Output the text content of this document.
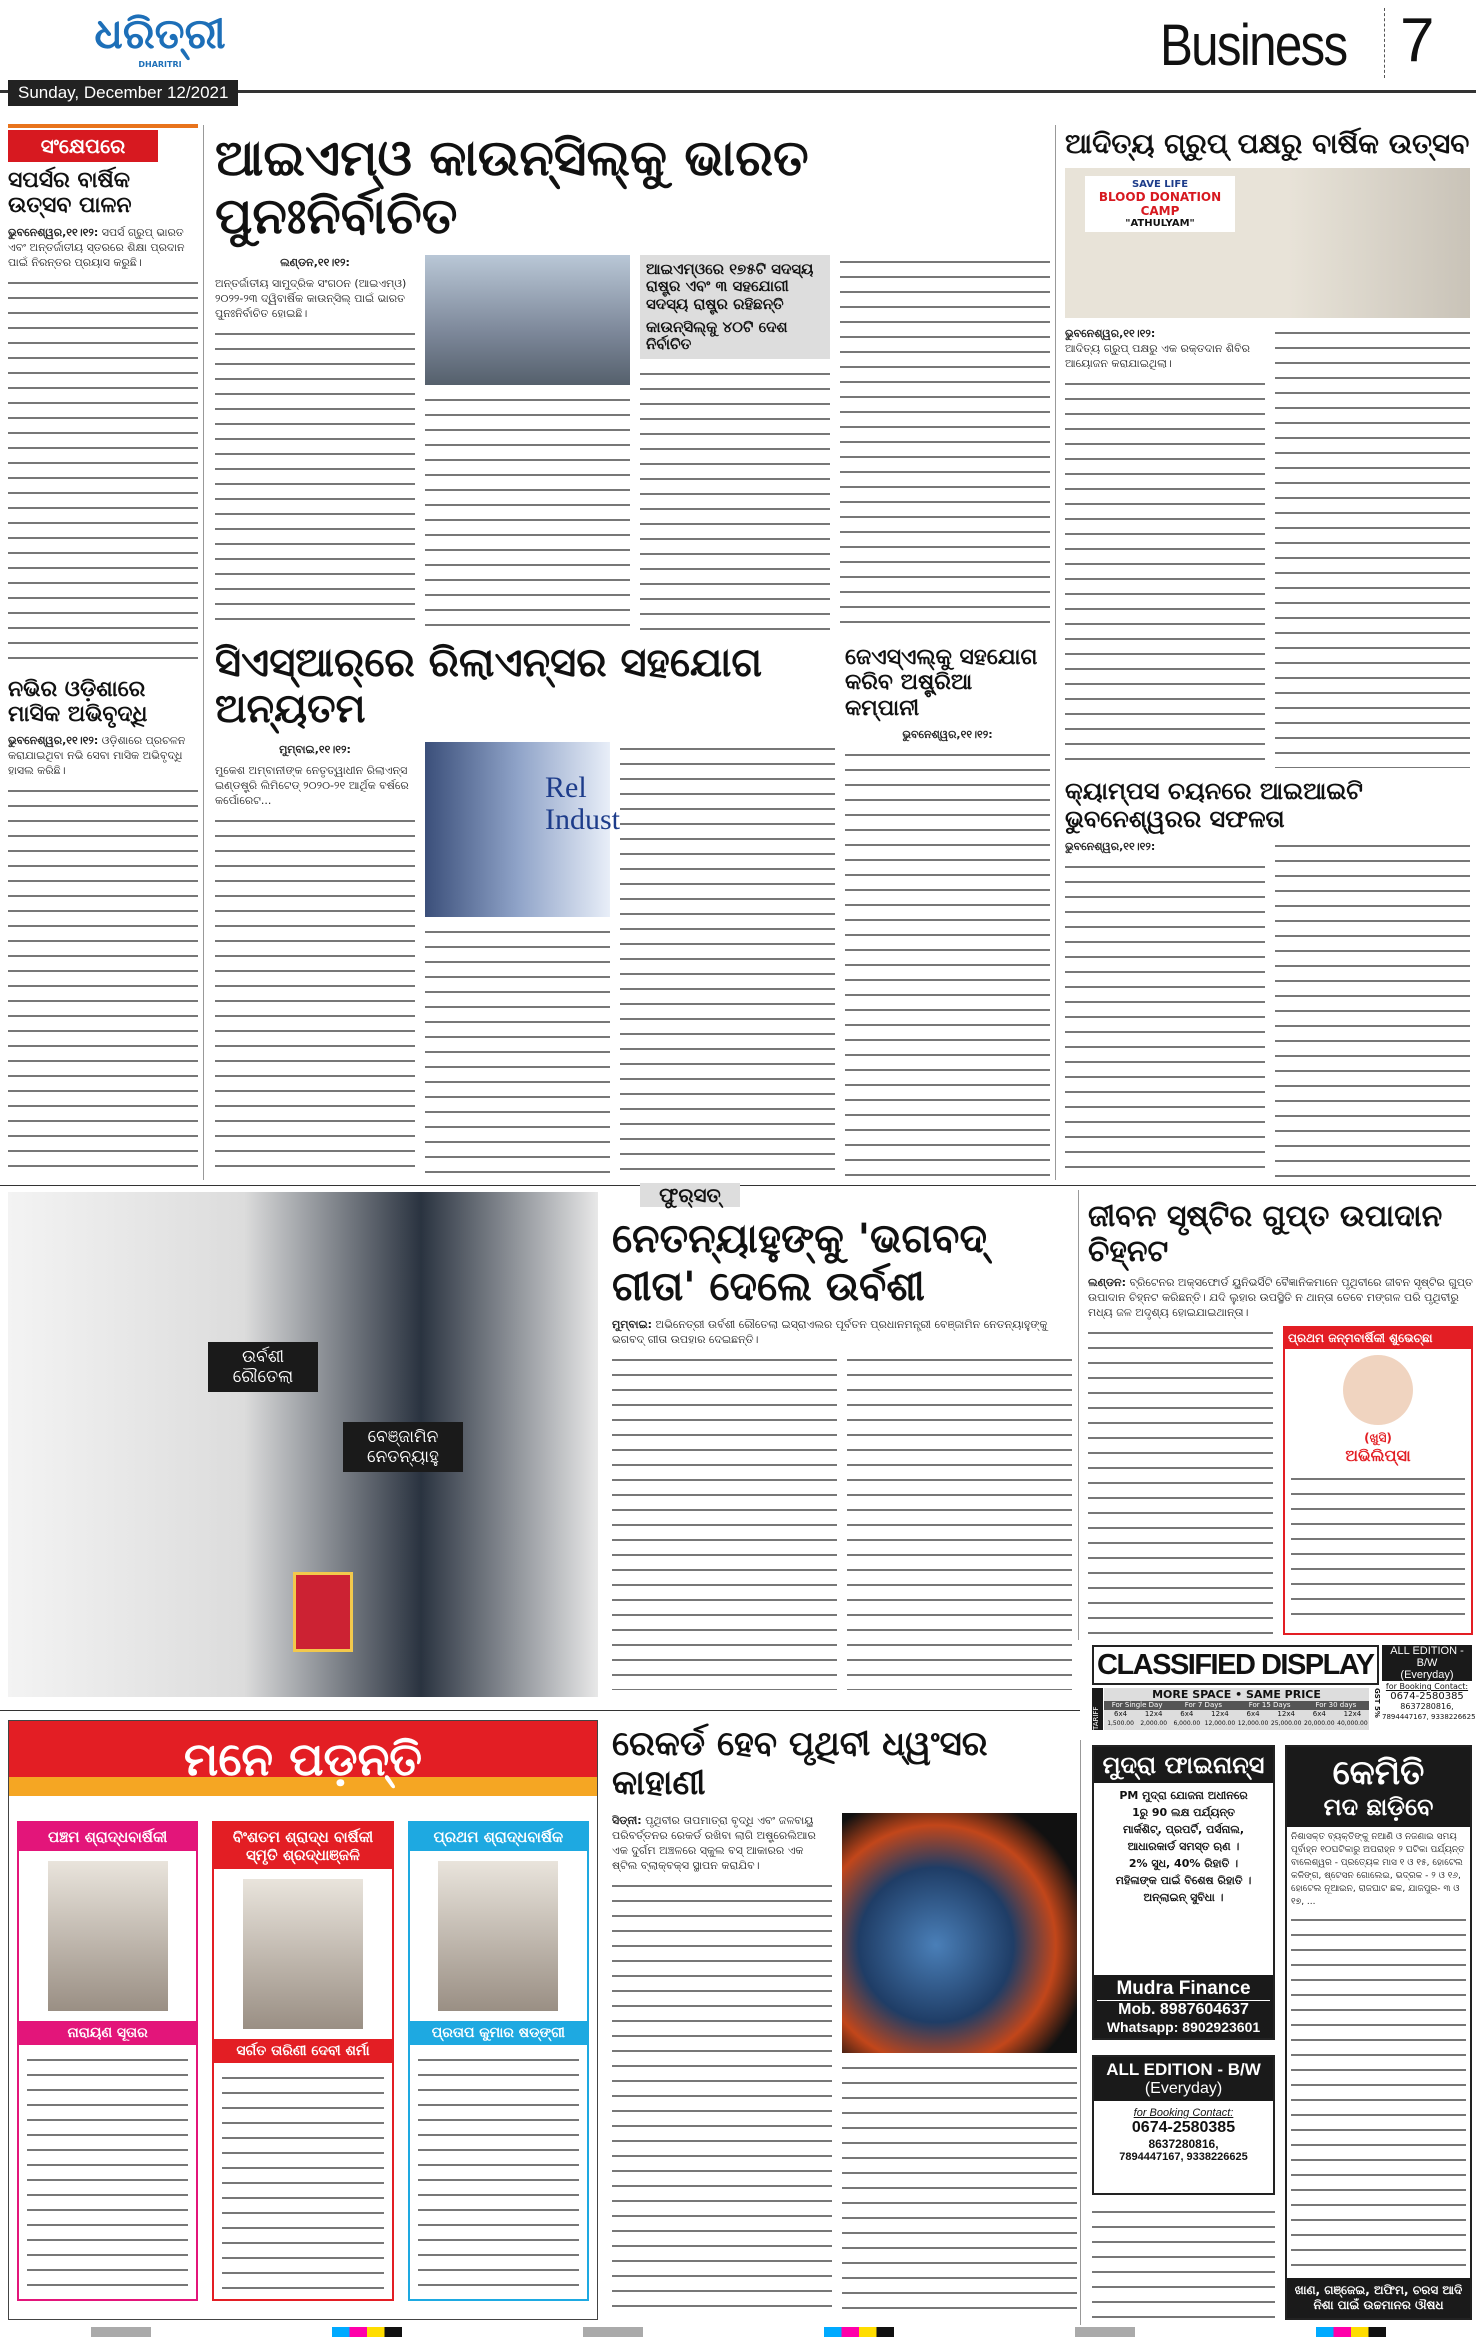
ଧରିତ୍ରୀ
DHARITRI	Business 7
Sunday, December 12/2021
ସଂକ୍ଷେପରେ
ସପର୍ସର ବାର୍ଷିକ ଉତ୍ସବ ପାଳନ
ଭୁବନେଶ୍ୱର,୧୧।୧୨: ସପର୍ସ ଗ୍ରୁପ୍ ଭାରତ ଏବଂ ଅନ୍ତର୍ଜାତୀୟ ସ୍ତରରେ ଶିକ୍ଷା ପ୍ରଦାନ ପାଇଁ ନିରନ୍ତର ପ୍ରୟାସ କରୁଛି।
ନଭିର ଓଡ଼ିଶାରେ ମାସିକ ଅଭିବୃଦ୍ଧି
ଭୁବନେଶ୍ୱର,୧୧।୧୨: ଓଡ଼ିଶାରେ ପ୍ରଚଳନ କରାଯାଇଥିବା ନଭି ସେବା ମାସିକ ଅଭିବୃଦ୍ଧି ହାସଲ କରିଛି।
ଆଇଏମ୍‌ଓ କାଉନ୍‌ସିଲ୍‌କୁ ଭାରତ ପୁନଃନିର୍ବାଚିତ
ଲଣ୍ଡନ,୧୧।୧୨:
ଅନ୍ତର୍ଜାତୀୟ ସାମୁଦ୍ରିକ ସଂଗଠନ (ଆଇଏମ୍‌ଓ) ୨୦୨୨-୨୩ ଦ୍ୱିବାର୍ଷିକ କାଉନ୍‌ସିଲ୍ ପାଇଁ ଭାରତ ପୁନଃନିର୍ବାଚିତ ହୋଇଛି।
ଆଇଏମ୍‌ଓରେ ୧୭୫ଟି ସଦସ୍ୟ ରାଷ୍ଟ୍ର ଏବଂ ୩ ସହଯୋଗୀ ସଦସ୍ୟ ରାଷ୍ଟ୍ର ରହିଛନ୍ତି
କାଉନ୍‌ସିଲ୍‌କୁ ୪୦ଟି ଦେଶ ନିର୍ବାଚିତ
ଆଦିତ୍ୟ ଗ୍ରୁପ୍ ପକ୍ଷରୁ ବାର୍ଷିକ ଉତ୍ସବ
SAVE LIFE
BLOOD DONATION CAMP
"ATHULYAM"
ଭୁବନେଶ୍ୱର,୧୧।୧୨:
ଆଦିତ୍ୟ ଗ୍ରୁପ୍ ପକ୍ଷରୁ ଏକ ରକ୍ତଦାନ ଶିବିର ଆୟୋଜନ କରାଯାଇଥିଲା।
କ୍ୟାମ୍ପସ ଚୟନରେ ଆଇଆଇଟି ଭୁବନେଶ୍ୱରର ସଫଳତା
ଭୁବନେଶ୍ୱର,୧୧।୧୨:
ସିଏସ୍ଆର୍‌ରେ ରିଲାଏନ୍ସର ସହଯୋଗ ଅନ୍ୟତମ
ମୁମ୍ବାଇ,୧୧।୧୨:
ମୁକେଶ ଅମ୍ବାନୀଙ୍କ ନେତୃତ୍ୱାଧୀନ ରିଲାଏନ୍ସ ଇଣ୍ଡଷ୍ଟ୍ରି ଲିମିଟେଡ୍ ୨୦୨୦-୨୧ ଆର୍ଥିକ ବର୍ଷରେ କର୍ପୋରେଟ...	Rel Indust
ଜେଏସ୍‌ଏଲ୍‌କୁ ସହଯୋଗ କରିବ ଅଷ୍ଟ୍ରିଆ କମ୍ପାନୀ
ଭୁବନେଶ୍ୱର,୧୧।୧୨:
ଉର୍ବଶୀ ରୌତେଲା
ବେଞ୍ଜାମିନ ନେତନ୍ୟାହୁ
ଫୁର୍‌ସତ୍
ନେତନ୍ୟାହୁଙ୍କୁ 'ଭଗବଦ୍ ଗୀତା' ଦେଲେ ଉର୍ବଶୀ
ମୁମ୍ବାଇ: ଅଭିନେତ୍ରୀ ଉର୍ବଶୀ ରୌତେଲା ଇସ୍ରାଏଲର ପୂର୍ବତନ ପ୍ରଧାନମନ୍ତ୍ରୀ ବେଞ୍ଜାମିନ ନେତନ୍ୟାହୁଙ୍କୁ ଭଗବଦ୍ ଗୀତା ଉପହାର ଦେଇଛନ୍ତି।
ଜୀବନ ସୃଷ୍ଟିର ଗୁପ୍ତ ଉପାଦାନ ଚିହ୍ନଟ
ଲଣ୍ଡନ: ବ୍ରିଟେନର ଅକ୍ସଫୋର୍ଡ ୟୁନିଭର୍ସିଟି ବୈଜ୍ଞାନିକମାନେ ପୃଥିବୀରେ ଜୀବନ ସୃଷ୍ଟିର ଗୁପ୍ତ ଉପାଦାନ ଚିହ୍ନଟ କରିଛନ୍ତି। ଯଦି ଲୁହାର ଉପସ୍ଥିତି ନ ଥାନ୍ତା ତେବେ ମଙ୍ଗଳ ପରି ପୃଥିବୀରୁ ମଧ୍ୟ ଜଳ ଅଦୃଶ୍ୟ ହୋଇଯାଇଥାନ୍ତା।
ପ୍ରଥମ ଜନ୍ମବାର୍ଷିକୀ ଶୁଭେଚ୍ଛା
(ଖୁସି)
ଅଭିଲିପ୍ସା
CLASSIFIED DISPLAY	ALL EDITION - B/W
(Everyday)
for Booking Contact:
0674-2580385
8637280816,
7894447167, 9338226625
TARIFF
MORE SPACE • SAME PRICE
For Single Day	For 7 Days	For 15 Days	For 30 days
6x4	12x4	6x4	12x4	6x4	12x4	6x4	12x4
1,500.00	2,000.00	6,000.00 12,000.00 12,000.00 25,000.00 20,000.00 40,000.00
GST 5%
ମନେ ପଡ଼ନ୍ତି
ପଞ୍ଚମ ଶ୍ରାଦ୍ଧବାର୍ଷିକୀ
ନାରାୟଣ ସୂତାର
ବିଂଶତମ ଶ୍ରାଦ୍ଧ ବାର୍ଷିକୀ ସ୍ମୃତି ଶ୍ରଦ୍ଧାଞ୍ଜଳି
ସର୍ଗତ ତାରିଣୀ ଦେବୀ ଶର୍ମା
ପ୍ରଥମ ଶ୍ରାଦ୍ଧବାର୍ଷିକ
ପ୍ରତାପ କୁମାର ଷଡ୍‌ଙ୍ଗୀ
ରେକର୍ଡ ହେବ ପୃଥିବୀ ଧ୍ୱଂସର କାହାଣୀ
ସିଡ୍‌ନୀ: ପୃଥିବୀର ତାପମାତ୍ରା ବୃଦ୍ଧି ଏବଂ ଜଳବାୟୁ ପରିବର୍ତ୍ତନର ରେକର୍ଡ ରଖିବା ଲାଗି ଅଷ୍ଟ୍ରେଲିଆର ଏକ ଦୁର୍ଗମ ଅଞ୍ଚଳରେ ସ୍କୁଲ ବସ୍ ଆକାରର ଏକ ଷ୍ଟିଲ ବ୍ଲାକ୍‌ବକ୍ସ ସ୍ଥାପନ କରାଯିବ।
ମୁଦ୍ରା ଫାଇନାନ୍ସ
PM ମୁଦ୍ରା ଯୋଜନା ଅଧୀନରେ
1ରୁ 90 ଲକ୍ଷ ପର୍ଯ୍ୟନ୍ତ
ମାର୍କଶିଟ୍, ପ୍ରପର୍ଟି, ପର୍ସନାଲ,
ଆଧାରକାର୍ଡ ସମସ୍ତ ଋଣ ।
2% ସୁଧ, 40% ରିହାତି ।
ମହିଳାଙ୍କ ପାଇଁ ବିଶେଷ ରିହାତି ।
ଅନ୍‌ଲାଇନ୍ ସୁବିଧା ।
Mudra Finance
Mob. 8987604637
Whatsapp: 8902923601
ALL EDITION - B/W
(Everyday)
for Booking Contact:
0674-2580385
8637280816,
7894447167, 9338226625
କେମିତି
ମଦ ଛାଡ଼ିବେ
ନିଶାସକ୍ତ ବ୍ୟକ୍ତିଙ୍କୁ ନଆଣି ଓ ନଜଣାଇ ସମୟ ପୂର୍ବାହ୍ନ ୧୦ଘଟିକାରୁ ଅପରାହ୍ନ ୨ ଘଟିକା ପର୍ଯ୍ୟନ୍ତ ବାଲେଶ୍ୱର - ପ୍ରତ୍ୟେକ ମାସ ୧ ଓ ୧୫, ହୋଟେଲ କଳିଙ୍ଗ, ଷ୍ଟେସନ ଗୋଲେଇ, ଭଦ୍ରକ - ୨ ଓ ୧୬, ହୋଟେଲ ନୂଆଇନ, ରାଜଘାଟ ଛକ, ଯାଜପୁର- ୩ ଓ ୧୭, ...
ଖାଣ, ଗଞ୍ଜେଇ, ଅଫିମ, ଚରସ ଆଦି ନିଶା ପାଇଁ ଉଚ୍ଚମାନର ଔଷଧ
